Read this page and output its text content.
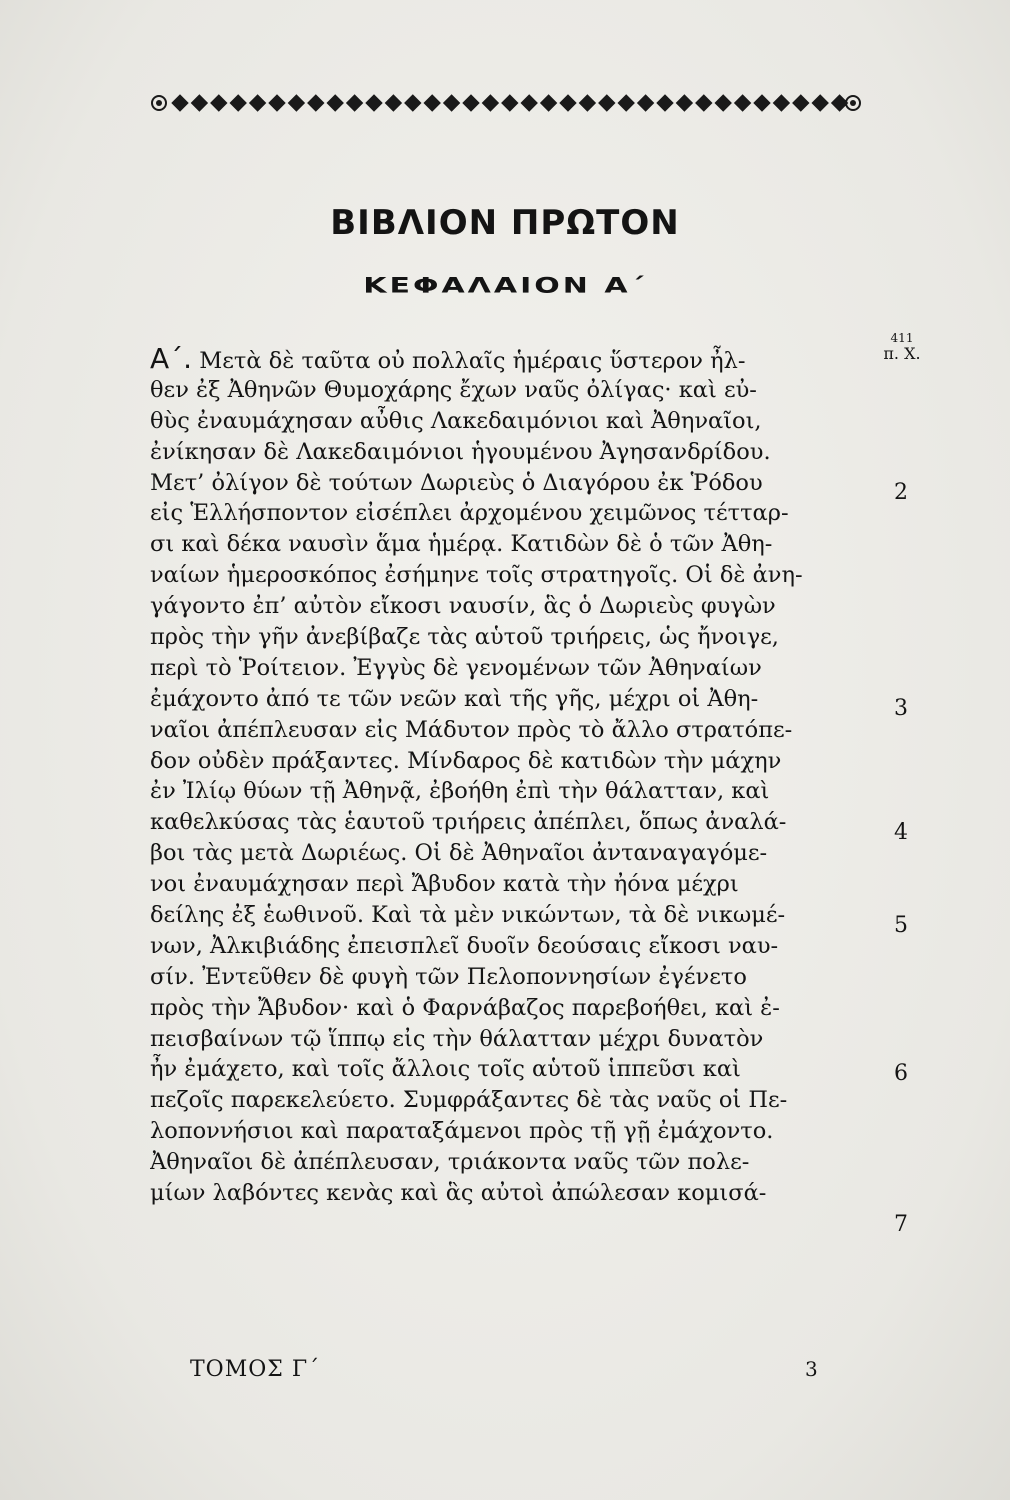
ΒΙΒΛΙΟΝ ΠΡΩΤΟΝ
ΚΕΦΑΛΑΙΟΝ Α΄
411
π. Χ.
2
3
4
5
6
7
Α΄. Μετὰ δὲ ταῦτα οὐ πολλαῖς ἡμέραις ὕστερον ἦλ-
θεν ἐξ Ἀθηνῶν Θυμοχάρης ἔχων ναῦς ὀλίγας· καὶ εὐ-
θὺς ἐναυμάχησαν αὖθις Λακεδαιμόνιοι καὶ Ἀθηναῖοι,
ἐνίκησαν δὲ Λακεδαιμόνιοι ἡγουμένου Ἀγησανδρίδου.
Μετ’ ὀλίγον δὲ τούτων Δωριεὺς ὁ Διαγόρου ἐκ Ῥόδου
εἰς Ἑλλήσποντον εἰσέπλει ἀρχομένου χειμῶνος τέτταρ-
σι καὶ δέκα ναυσὶν ἅμα ἡμέρᾳ. Κατιδὼν δὲ ὁ τῶν Ἀθη-
ναίων ἡμεροσκόπος ἐσήμηνε τοῖς στρατηγοῖς. Οἱ δὲ ἀνη-
γάγοντο ἐπ’ αὐτὸν εἴκοσι ναυσίν, ἃς ὁ Δωριεὺς φυγὼν
πρὸς τὴν γῆν ἀνεβίβαζε τὰς αὑτοῦ τριήρεις, ὡς ἤνοιγε,
περὶ τὸ Ῥοίτειον. Ἐγγὺς δὲ γενομένων τῶν Ἀθηναίων
ἐμάχοντο ἀπό τε τῶν νεῶν καὶ τῆς γῆς, μέχρι οἱ Ἀθη-
ναῖοι ἀπέπλευσαν εἰς Μάδυτον πρὸς τὸ ἄλλο στρατόπε-
δον οὐδὲν πράξαντες. Μίνδαρος δὲ κατιδὼν τὴν μάχην
ἐν Ἰλίῳ θύων τῇ Ἀθηνᾷ, ἐβοήθη ἐπὶ τὴν θάλατταν, καὶ
καθελκύσας τὰς ἑαυτοῦ τριήρεις ἀπέπλει, ὅπως ἀναλά-
βοι τὰς μετὰ Δωριέως. Οἱ δὲ Ἀθηναῖοι ἀνταναγαγόμε-
νοι ἐναυμάχησαν περὶ Ἄβυδον κατὰ τὴν ἠόνα μέχρι
δείλης ἐξ ἑωθινοῦ. Καὶ τὰ μὲν νικώντων, τὰ δὲ νικωμέ-
νων, Ἀλκιβιάδης ἐπεισπλεῖ δυοῖν δεούσαις εἴκοσι ναυ-
σίν. Ἐντεῦθεν δὲ φυγὴ τῶν Πελοποννησίων ἐγένετο
πρὸς τὴν Ἄβυδον· καὶ ὁ Φαρνάβαζος παρεβοήθει, καὶ ἐ-
πεισβαίνων τῷ ἵππῳ εἰς τὴν θάλατταν μέχρι δυνατὸν
ἦν ἐμάχετο, καὶ τοῖς ἄλλοις τοῖς αὑτοῦ ἱππεῦσι καὶ
πεζοῖς παρεκελεύετο. Συμφράξαντες δὲ τὰς ναῦς οἱ Πε-
λοποννήσιοι καὶ παραταξάμενοι πρὸς τῇ γῇ ἐμάχοντο.
Ἀθηναῖοι δὲ ἀπέπλευσαν, τριάκοντα ναῦς τῶν πολε-
μίων λαβόντες κενὰς καὶ ἃς αὐτοὶ ἀπώλεσαν κομισά-
ΤΟΜΟΣ Γ΄	3
